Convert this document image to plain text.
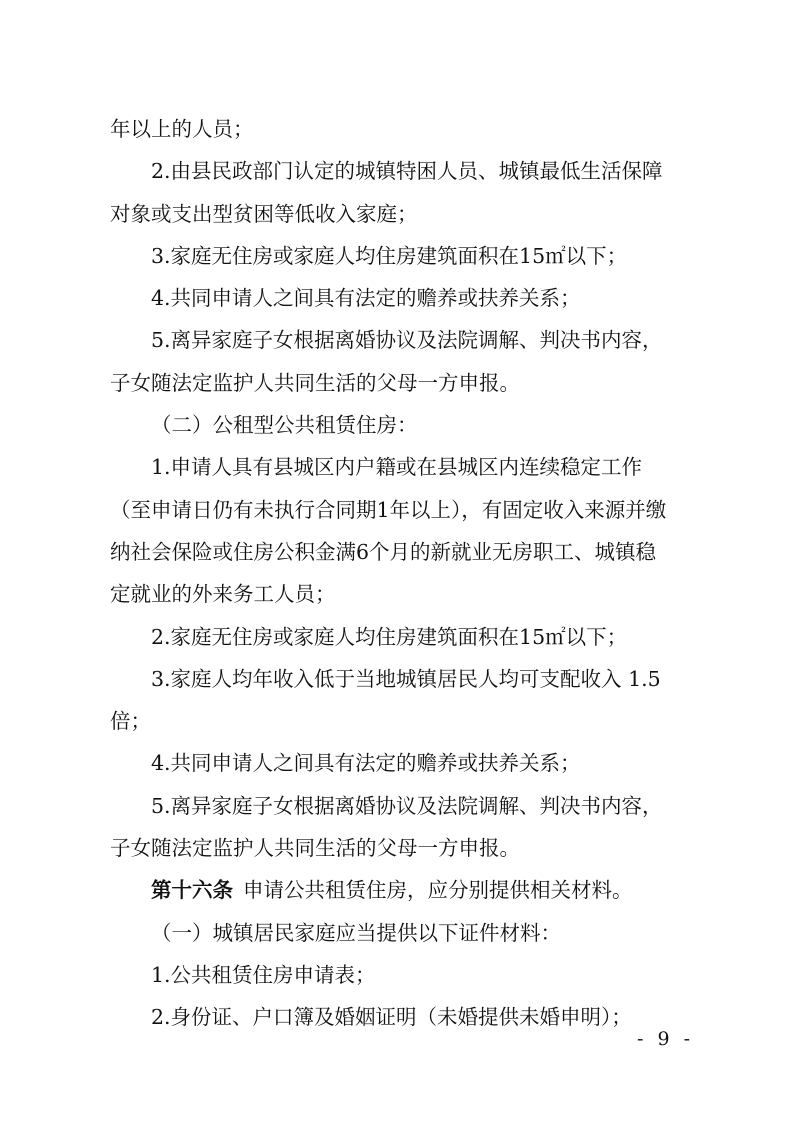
年以上的人员；
2.由县民政部门认定的城镇特困人员、城镇最低生活保障
对象或支出型贫困等低收入家庭；
3.家庭无住房或家庭人均住房建筑面积在15㎡以下；
4.共同申请人之间具有法定的赡养或扶养关系；
5.离异家庭子女根据离婚协议及法院调解、判决书内容，
子女随法定监护人共同生活的父母一方申报。
（二）公租型公共租赁住房：
1.申请人具有县城区内户籍或在县城区内连续稳定工作
（至申请日仍有未执行合同期1年以上），有固定收入来源并缴
纳社会保险或住房公积金满6个月的新就业无房职工、城镇稳
定就业的外来务工人员；
2.家庭无住房或家庭人均住房建筑面积在15㎡以下；
3.家庭人均年收入低于当地城镇居民人均可支配收入 1.5
倍；
4.共同申请人之间具有法定的赡养或扶养关系；
5.离异家庭子女根据离婚协议及法院调解、判决书内容，
子女随法定监护人共同生活的父母一方申报。
第十六条 申请公共租赁住房，应分别提供相关材料。
（一）城镇居民家庭应当提供以下证件材料：
1.公共租赁住房申请表；
2.身份证、户口簿及婚姻证明（未婚提供未婚申明）；
- 9 -
